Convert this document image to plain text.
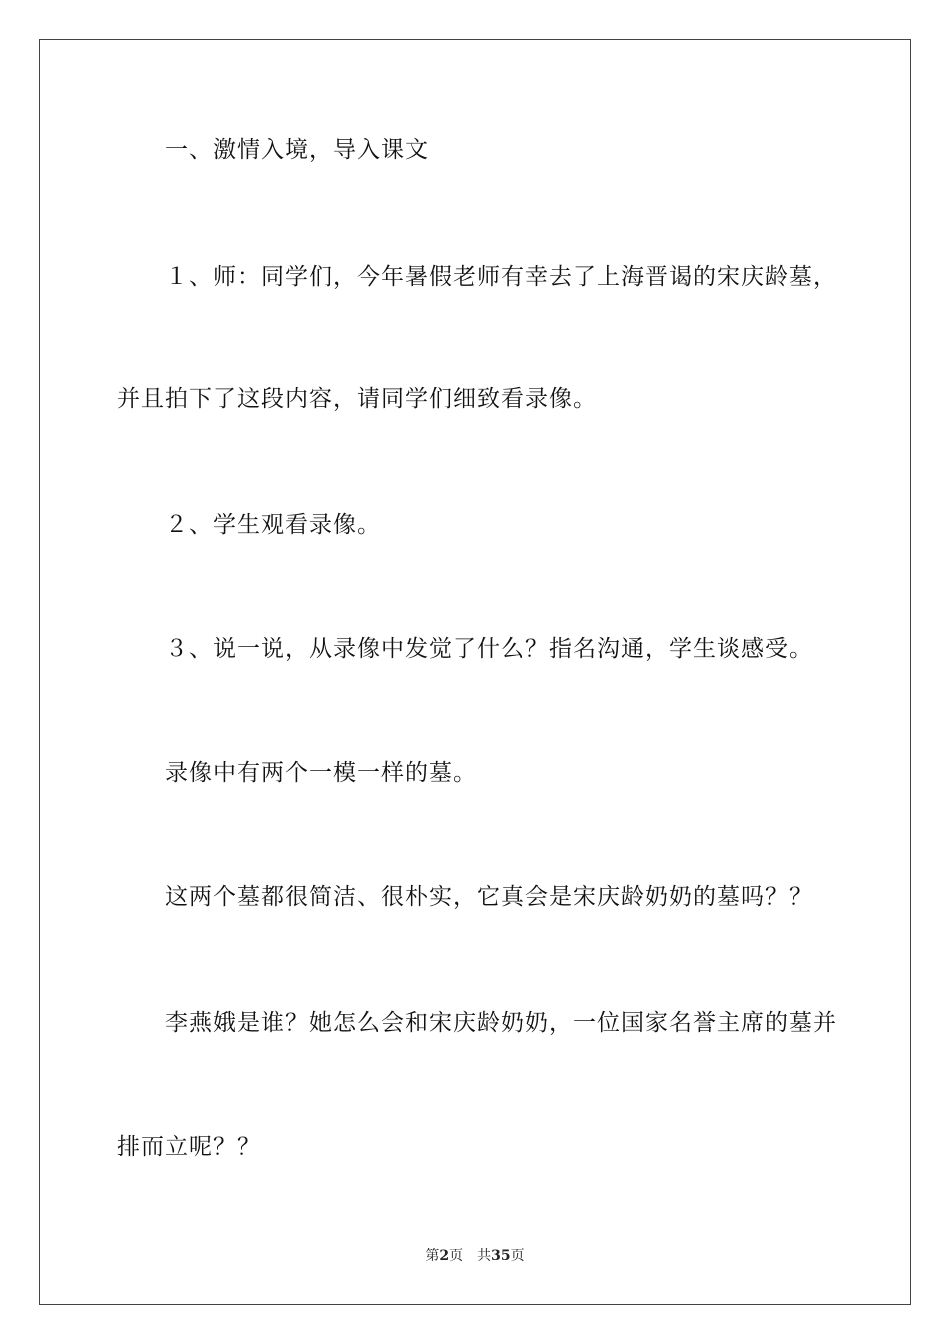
一、激情入境，导入课文
１、师：同学们，今年暑假老师有幸去了上海晋谒的宋庆龄墓，
并且拍下了这段内容，请同学们细致看录像。
２、学生观看录像。
３、说一说，从录像中发觉了什么？指名沟通，学生谈感受。
录像中有两个一模一样的墓。
这两个墓都很简洁、很朴实，它真会是宋庆龄奶奶的墓吗？？
李燕娥是谁？她怎么会和宋庆龄奶奶，一位国家名誉主席的墓并
排而立呢？？
第2页 共35页
